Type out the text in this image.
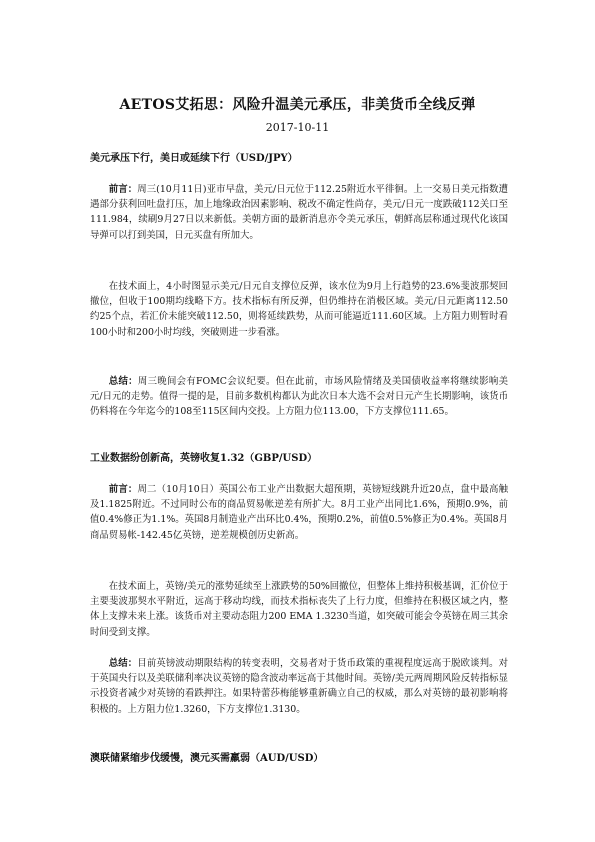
AETOS艾拓思：风险升温美元承压，非美货币全线反弹
2017-10-11
美元承压下行，美日或延续下行（USD/JPY）
前言：周三(10月11日)亚市早盘，美元/日元位于112.25附近水平徘徊。上一交易日美元指数遭遇部分获利回吐盘打压，加上地缘政治因素影响、税改不确定性尚存，美元/日元一度跌破112关口至111.984，续刷9月27日以来新低。美朝方面的最新消息亦令美元承压，朝鲜高层称通过现代化该国导弹可以打到美国，日元买盘有所加大。
在技术面上，4小时图显示美元/日元自支撑位反弹，该水位为9月上行趋势的23.6%斐波那契回撤位，但收于100期均线略下方。技术指标有所反弹，但仍维持在消极区域。美元/日元距离112.50约25个点，若汇价未能突破112.50，则将延续跌势，从而可能逼近111.60区域。上方阻力则暂时看100小时和200小时均线，突破则进一步看涨。
总结：周三晚间会有FOMC会议纪要。但在此前，市场风险情绪及美国债收益率将继续影响美元/日元的走势。值得一提的是，目前多数机构都认为此次日本大选不会对日元产生长期影响，该货币仍料将在今年迄今的108至115区间内交投。上方阻力位113.00，下方支撑位111.65。
工业数据纷创新高，英镑收复1.32（GBP/USD）
前言：周二（10月10日）英国公布工业产出数据大超预期，英镑短线跳升近20点，盘中最高触及1.1825附近。不过同时公布的商品贸易帐逆差有所扩大。8月工业产出同比1.6%，预期0.9%，前值0.4%修正为1.1%。英国8月制造业产出环比0.4%，预期0.2%，前值0.5%修正为0.4%。英国8月商品贸易帐-142.45亿英镑，逆差规模创历史新高。
在技术面上，英镑/美元的涨势延续至上涨跌势的50%回撤位，但整体上维持积极基调，汇价位于主要斐波那契水平附近，远高于移动均线，而技术指标丧失了上行力度，但维持在积极区域之内，整体上支撑未来上涨。该货币对主要动态阻力200 EMA 1.3230当道，如突破可能会令英镑在周三其余时间受到支撑。
总结：目前英镑波动期限结构的转变表明，交易者对于货币政策的重视程度远高于脱欧谈判。对于英国央行以及美联储利率决议英镑的隐含波动率远高于其他时间。英镑/美元两周期风险反转指标显示投资者减少对英镑的看跌押注。如果特蕾莎梅能够重新确立自己的权威，那么对英镑的最初影响将积极的。上方阻力位1.3260，下方支撑位1.3130。
澳联储紧缩步伐缓慢，澳元买需羸弱（AUD/USD）
